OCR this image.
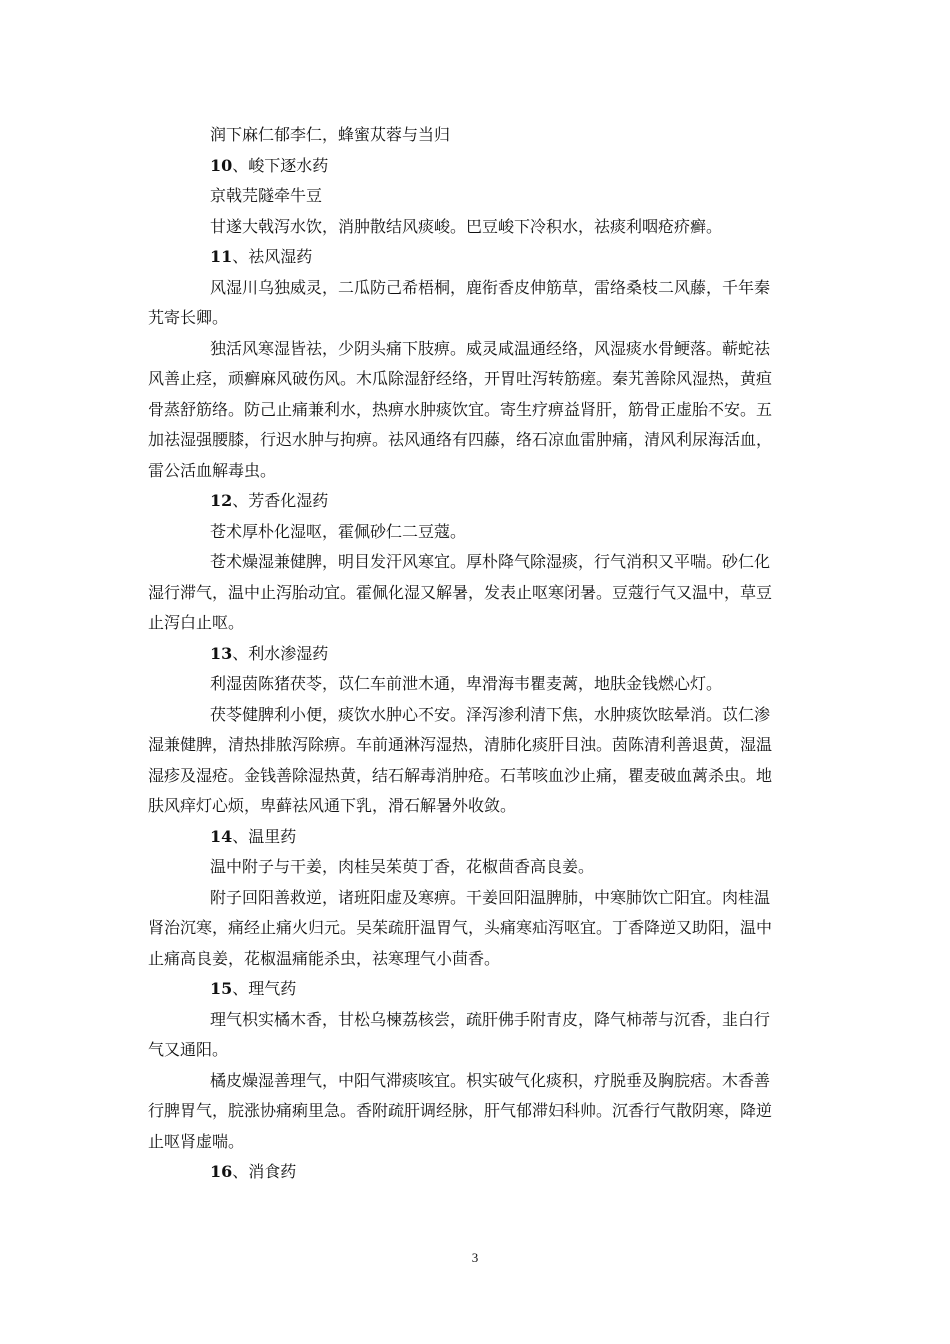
润下麻仁郁李仁，蜂蜜苁蓉与当归

10、峻下逐水药

京戟芫隧牵牛豆

甘遂大戟泻水饮，消肿散结风痰峻。巴豆峻下冷积水，祛痰利咽疮疥癣。

11、祛风湿药

风湿川乌独威灵，二瓜防己希梧桐，鹿衔香皮伸筋草，雷络桑枝二风藤，千年秦

艽寄长卿。

独活风寒湿皆祛，少阴头痛下肢痹。威灵咸温通经络，风湿痰水骨鲠落。蕲蛇祛

风善止痉，顽癣麻风破伤风。木瓜除湿舒经络，开胃吐泻转筋瘥。秦艽善除风湿热，黄疸

骨蒸舒筋络。防己止痛兼利水，热痹水肿痰饮宜。寄生疗痹益肾肝，筋骨正虚胎不安。五

加祛湿强腰膝，行迟水肿与拘痹。祛风通络有四藤，络石凉血雷肿痛，清风利尿海活血，

雷公活血解毒虫。

12、芳香化湿药

苍术厚朴化湿呕，霍佩砂仁二豆蔻。

苍术燥湿兼健脾，明目发汗风寒宜。厚朴降气除湿痰，行气消积又平喘。砂仁化

湿行滞气，温中止泻胎动宜。霍佩化湿又解暑，发表止呕寒闭暑。豆蔻行气又温中，草豆

止泻白止呕。

13、利水渗湿药

利湿茵陈猪茯苓，苡仁车前泄木通，卑滑海韦瞿麦蓠，地肤金钱燃心灯。

茯苓健脾利小便，痰饮水肿心不安。泽泻渗利清下焦，水肿痰饮眩晕消。苡仁渗

湿兼健脾，清热排脓泻除痹。车前通淋泻湿热，清肺化痰肝目浊。茵陈清利善退黄，湿温

湿疹及湿疮。金钱善除湿热黄，结石解毒消肿疮。石苇咳血沙止痛，瞿麦破血蓠杀虫。地

肤风痒灯心烦，卑藓祛风通下乳，滑石解暑外收敛。

14、温里药

温中附子与干姜，肉桂吴茱萸丁香，花椒茴香高良姜。

附子回阳善救逆，诸班阳虚及寒痹。干姜回阳温脾肺，中寒肺饮亡阳宜。肉桂温

肾治沉寒，痛经止痛火归元。吴茱疏肝温胃气，头痛寒疝泻呕宜。丁香降逆又助阳，温中

止痛高良姜，花椒温痛能杀虫，祛寒理气小茴香。

15、理气药

理气枳实橘木香，甘松乌楝荔核尝，疏肝佛手附青皮，降气柿蒂与沉香，韭白行

气又通阳。

橘皮燥湿善理气，中阳气滞痰咳宜。枳实破气化痰积，疗脱垂及胸脘痞。木香善

行脾胃气，脘涨协痛痢里急。香附疏肝调经脉，肝气郁滞妇科帅。沉香行气散阴寒，降逆

止呕肾虚喘。

16、消食药

3
